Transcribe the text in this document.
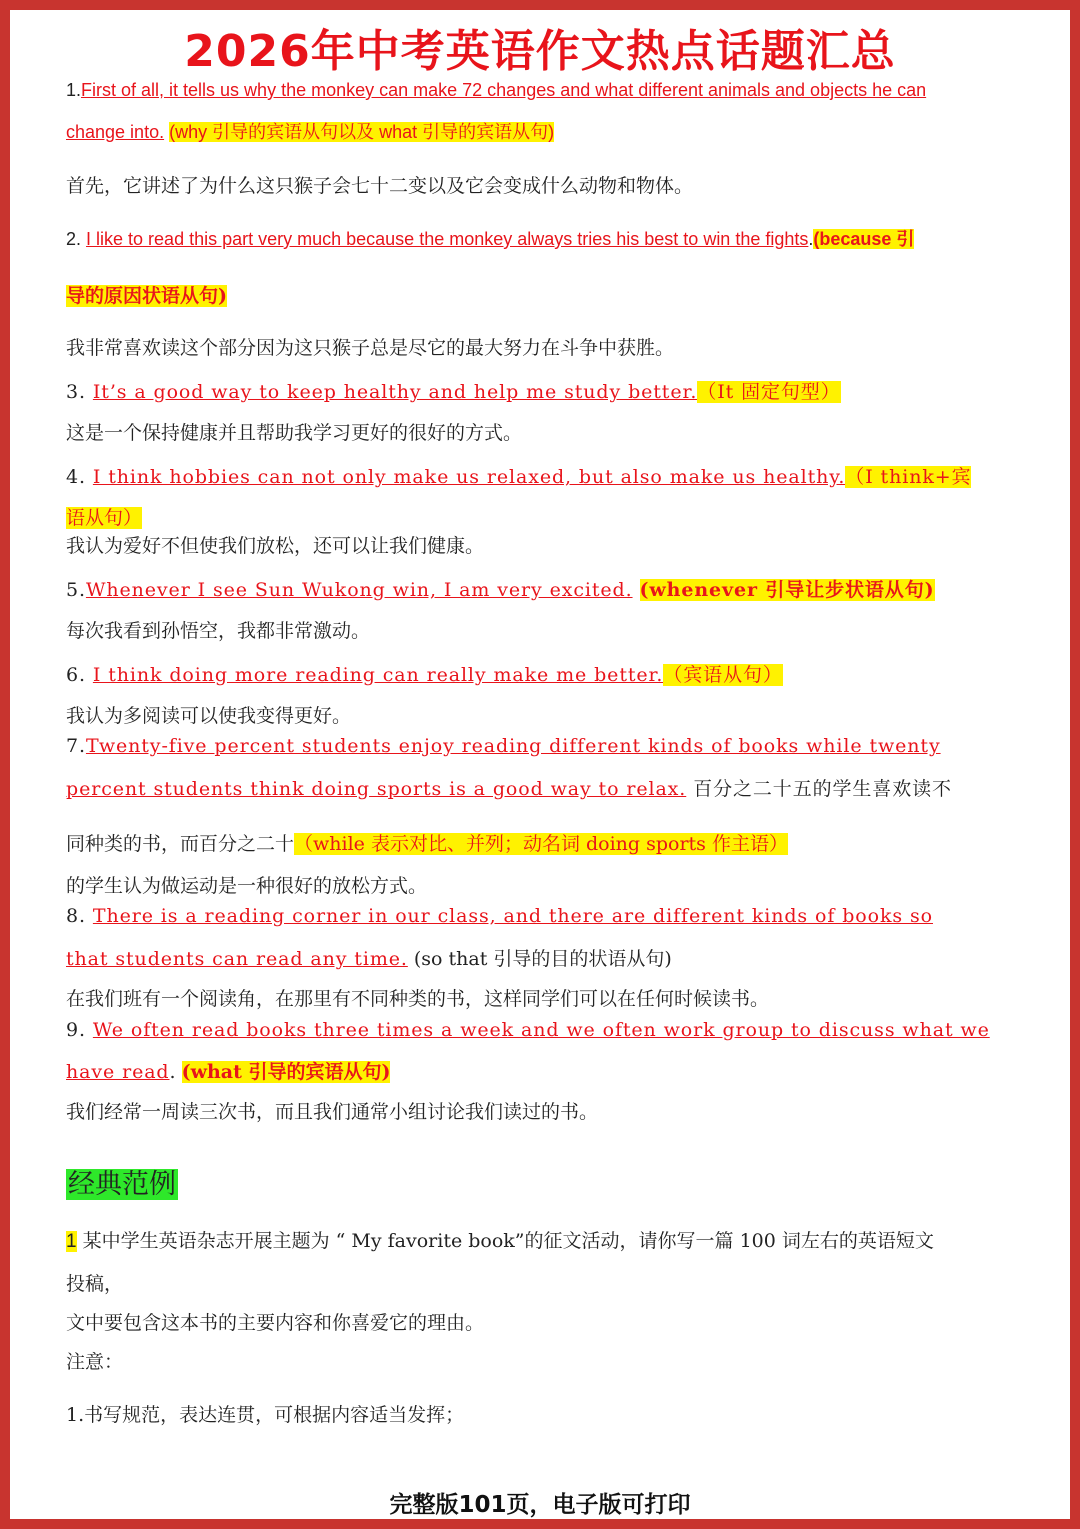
2026年中考英语作文热点话题汇总
1.First of all, it tells us why the monkey can make 72 changes and what different animals and objects he can
change into. (why 引导的宾语从句以及 what 引导的宾语从句)
首先，它讲述了为什么这只猴子会七十二变以及它会变成什么动物和物体。
2. I like to read this part very much because the monkey always tries his best to win the fights.(because 引
导的原因状语从句)
我非常喜欢读这个部分因为这只猴子总是尽它的最大努力在斗争中获胜。
3. It’s a good way to keep healthy and help me study better.（It 固定句型）
这是一个保持健康并且帮助我学习更好的很好的方式。
4. I think hobbies can not only make us relaxed, but also make us healthy.（I think+宾
语从句）
我认为爱好不但使我们放松，还可以让我们健康。
5.Whenever I see Sun Wukong win, I am very excited. (whenever 引导让步状语从句)
每次我看到孙悟空，我都非常激动。
6. I think doing more reading can really make me better.（宾语从句）
我认为多阅读可以使我变得更好。
7.Twenty-five percent students enjoy reading different kinds of books while twenty
percent students think doing sports is a good way to relax. 百分之二十五的学生喜欢读不
同种类的书，而百分之二十（while 表示对比、并列；动名词 doing sports 作主语）
的学生认为做运动是一种很好的放松方式。
8. There is a reading corner in our class, and there are different kinds of books so
that students can read any time. (so that 引导的目的状语从句)
在我们班有一个阅读角，在那里有不同种类的书，这样同学们可以在任何时候读书。
9. We often read books three times a week and we often work group to discuss what we
have read. (what 引导的宾语从句)
我们经常一周读三次书，而且我们通常小组讨论我们读过的书。
经典范例
1 某中学生英语杂志开展主题为 “ My favorite book”的征文活动，请你写一篇 100 词左右的英语短文
投稿，
文中要包含这本书的主要内容和你喜爱它的理由。
注意：
1.书写规范，表达连贯，可根据内容适当发挥；
完整版101页，电子版可打印
